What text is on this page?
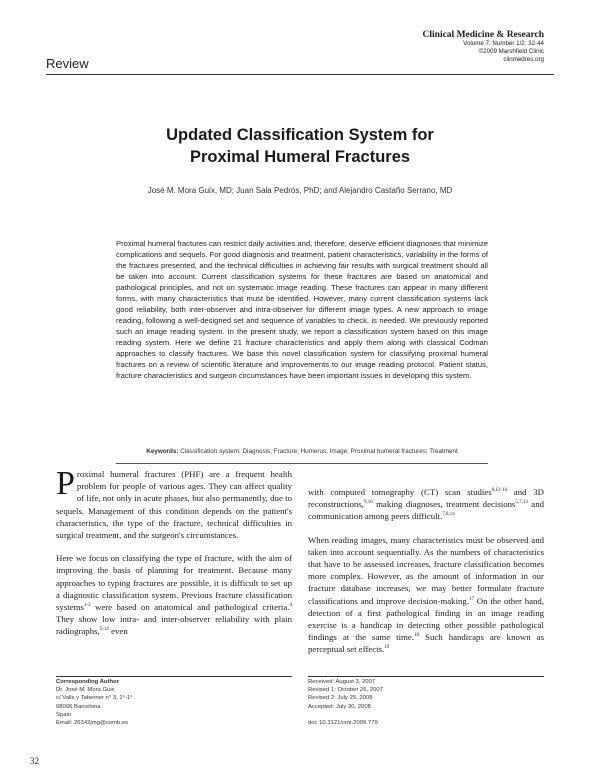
Clinical Medicine & Research
Volume 7, Number 1/2: 32-44
©2009 Marshfield Clinic
clinmedres.org
Review
Updated Classification System for
Proximal Humeral Fractures
José M. Mora Guix, MD; Juan Sala Pedrós, PhD; and Alejandro Castaño Serrano, MD

Proximal humeral fractures can restrict daily activities and, therefore, deserve efficient diagnoses that minimize complications and sequels. For good diagnosis and treatment, patient characteristics, variability in the forms of the fractures presented, and the technical difficulties in achieving fair results with surgical treatment should all be taken into account. Current classification systems for these fractures are based on anatomical and pathological principles, and not on systematic image reading. These fractures can appear in many different forms, with many characteristics that must be identified. However, many current classification systems lack good reliability, both inter-observer and intra-observer for different image types. A new approach to image reading, following a well-designed set and sequence of variables to check, is needed. We previously reported such an image reading system. In the present study, we report a classification system based on this image reading system. Here we define 21 fracture characteristics and apply them along with classical Codman approaches to classify fractures. We base this novel classification system for classifying proximal humeral fractures on a review of scientific literature and improvements to our image reading protocol. Patient status, fracture characteristics and surgeon circumstances have been important issues in developing this system.

Keywords: Classification system; Diagnosis; Fracture; Humerus; Image; Proximal humeral fractures; Treatment

Proximal humeral fractures (PHF) are a frequent health problem for people of various ages. They can affect quality of life, not only in acute phases, but also permanently, due to sequels. Management of this condition depends on the patient's characteristics, the type of the fracture, technical difficulties in surgical treatment, and the surgeon's circumstances.

Here we focus on classifying the type of fracture, with the aim of improving the basis of planning for treatment. Because many approaches to typing fractures are possible, it is difficult to set up a diagnostic classification system. Previous fracture classification systems$^{1-3}$ were based on anatomical and pathological criteria.$^4$ They show low intra- and inter-observer reliability with plain radiographs,$^{5-12}$ even

with computed tomography (CT) scan studies$^{8,12-16}$ and 3D reconstructions,$^{9,16}$ making diagnoses, treatment decisions$^{5,7,13}$ and communication among peers difficult.$^{7,8,14}$

When reading images, many characteristics must be observed and taken into account sequentially. As the numbers of characteristics that have to be assessed increases, fracture classification becomes more complex. However, as the amount of information in our fracture database increases, we may better formulate fracture classifications and improve decision-making.$^{17}$ On the other hand, detection of a first pathological finding in an image reading exercise is a handicap in detecting other possible pathological findings at the same time.$^{18}$ Such handicaps are known as perceptual set effects.$^{19}$

Corresponding Author
Dr. José M. Mora Guix
c/ Valls y Taberner n° 3, 1°-1°
08006 Barcelona
Spain
Email: 26342jmg@comb.es
Received: August 3, 2007
Revised 1: October 26, 2007
Revised 2: July 25, 2008
Accepted: July 30, 2008
doi: 10.3121/cmr.2009.779
32
